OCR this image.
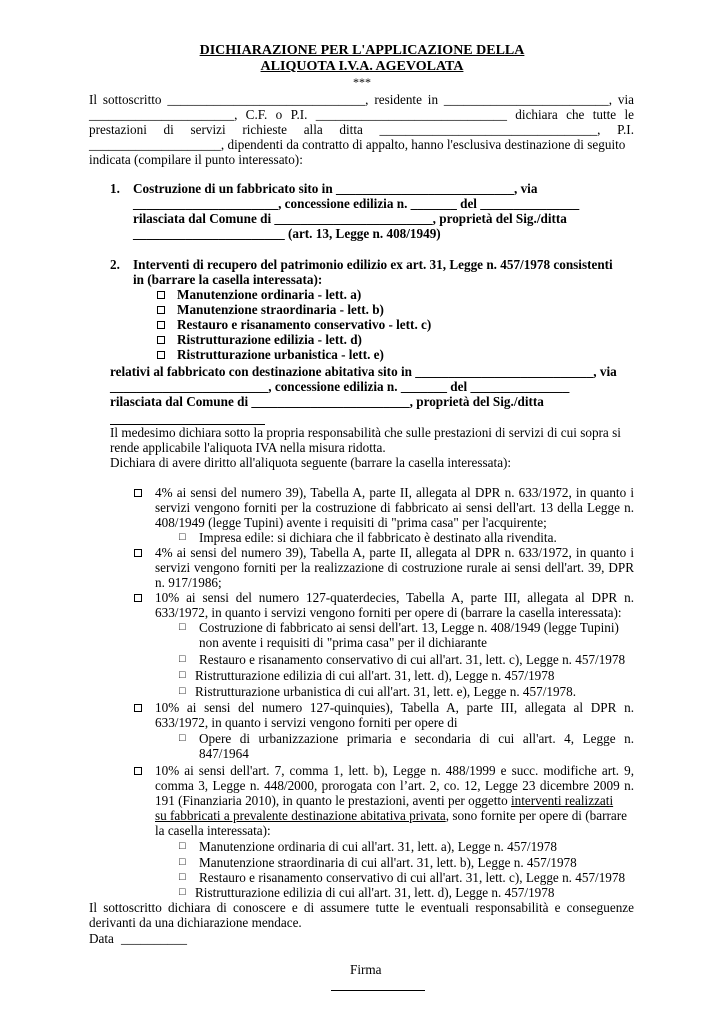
DICHIARAZIONE PER L'APPLICAZIONE DELLA
ALIQUOTA I.V.A. AGEVOLATA
***
Il sottoscritto ______________________________, residente in _________________________, via
______________________, C.F. o P.I. _____________________________ dichiara che tutte le
prestazioni di servizi richieste alla ditta _________________________________, P.I.
____________________, dipendenti da contratto di appalto, hanno l'esclusiva destinazione di seguito
indicata (compilare il punto interessato):
1. Costruzione di un fabbricato sito in ___________________________, via
______________________, concessione edilizia n. _______ del _______________
rilasciata dal Comune di ________________________, proprietà del Sig./ditta
_______________________ (art. 13, Legge n. 408/1949)
2. Interventi di recupero del patrimonio edilizio ex art. 31, Legge n. 457/1978 consistenti
in (barrare la casella interessata):
Manutenzione ordinaria - lett. a)
Manutenzione straordinaria - lett. b)
Restauro e risanamento conservativo - lett. c)
Ristrutturazione edilizia - lett. d)
Ristrutturazione urbanistica - lett. e)
relativi al fabbricato con destinazione abitativa sito in ___________________________, via
________________________, concessione edilizia n. _______ del _______________
rilasciata dal Comune di ________________________, proprietà del Sig./ditta
Il medesimo dichiara sotto la propria responsabilità che sulle prestazioni di servizi di cui sopra si
rende applicabile l'aliquota IVA nella misura ridotta.
Dichiara di avere diritto all'aliquota seguente (barrare la casella interessata):
4% ai sensi del numero 39), Tabella A, parte II, allegata al DPR n. 633/1972, in quanto i
servizi vengono forniti per la costruzione di fabbricato ai sensi dell'art. 13 della Legge n.
408/1949 (legge Tupini) avente i requisiti di "prima casa" per l'acquirente;
□ Impresa edile: si dichiara che il fabbricato è destinato alla rivendita.
4% ai sensi del numero 39), Tabella A, parte II, allegata al DPR n. 633/1972, in quanto i
servizi vengono forniti per la realizzazione di costruzione rurale ai sensi dell'art. 39, DPR
n. 917/1986;
10% ai sensi del numero 127-quaterdecies, Tabella A, parte III, allegata al DPR n.
633/1972, in quanto i servizi vengono forniti per opere di (barrare la casella interessata):
□ Costruzione di fabbricato ai sensi dell'art. 13, Legge n. 408/1949 (legge Tupini)
non avente i requisiti di "prima casa" per il dichiarante
□ Restauro e risanamento conservativo di cui all'art. 31, lett. c), Legge n. 457/1978
□ Ristrutturazione edilizia di cui all'art. 31, lett. d), Legge n. 457/1978
□ Ristrutturazione urbanistica di cui all'art. 31, lett. e), Legge n. 457/1978.
10% ai sensi del numero 127-quinquies), Tabella A, parte III, allegata al DPR n.
633/1972, in quanto i servizi vengono forniti per opere di
□ Opere di urbanizzazione primaria e secondaria di cui all'art. 4, Legge n.
847/1964
10% ai sensi dell'art. 7, comma 1, lett. b), Legge n. 488/1999 e succ. modifiche art. 9,
comma 3, Legge n. 448/2000, prorogata con l’art. 2, co. 12, Legge 23 dicembre 2009 n.
191 (Finanziaria 2010), in quanto le prestazioni, aventi per oggetto interventi realizzati
su fabbricati a prevalente destinazione abitativa privata, sono fornite per opere di (barrare
la casella interessata):
□ Manutenzione ordinaria di cui all'art. 31, lett. a), Legge n. 457/1978
□ Manutenzione straordinaria di cui all'art. 31, lett. b), Legge n. 457/1978
□ Restauro e risanamento conservativo di cui all'art. 31, lett. c), Legge n. 457/1978
□ Ristrutturazione edilizia di cui all'art. 31, lett. d), Legge n. 457/1978
Il sottoscritto dichiara di conoscere e di assumere tutte le eventuali responsabilità e conseguenze
derivanti da una dichiarazione mendace.
Data __________
Firma
